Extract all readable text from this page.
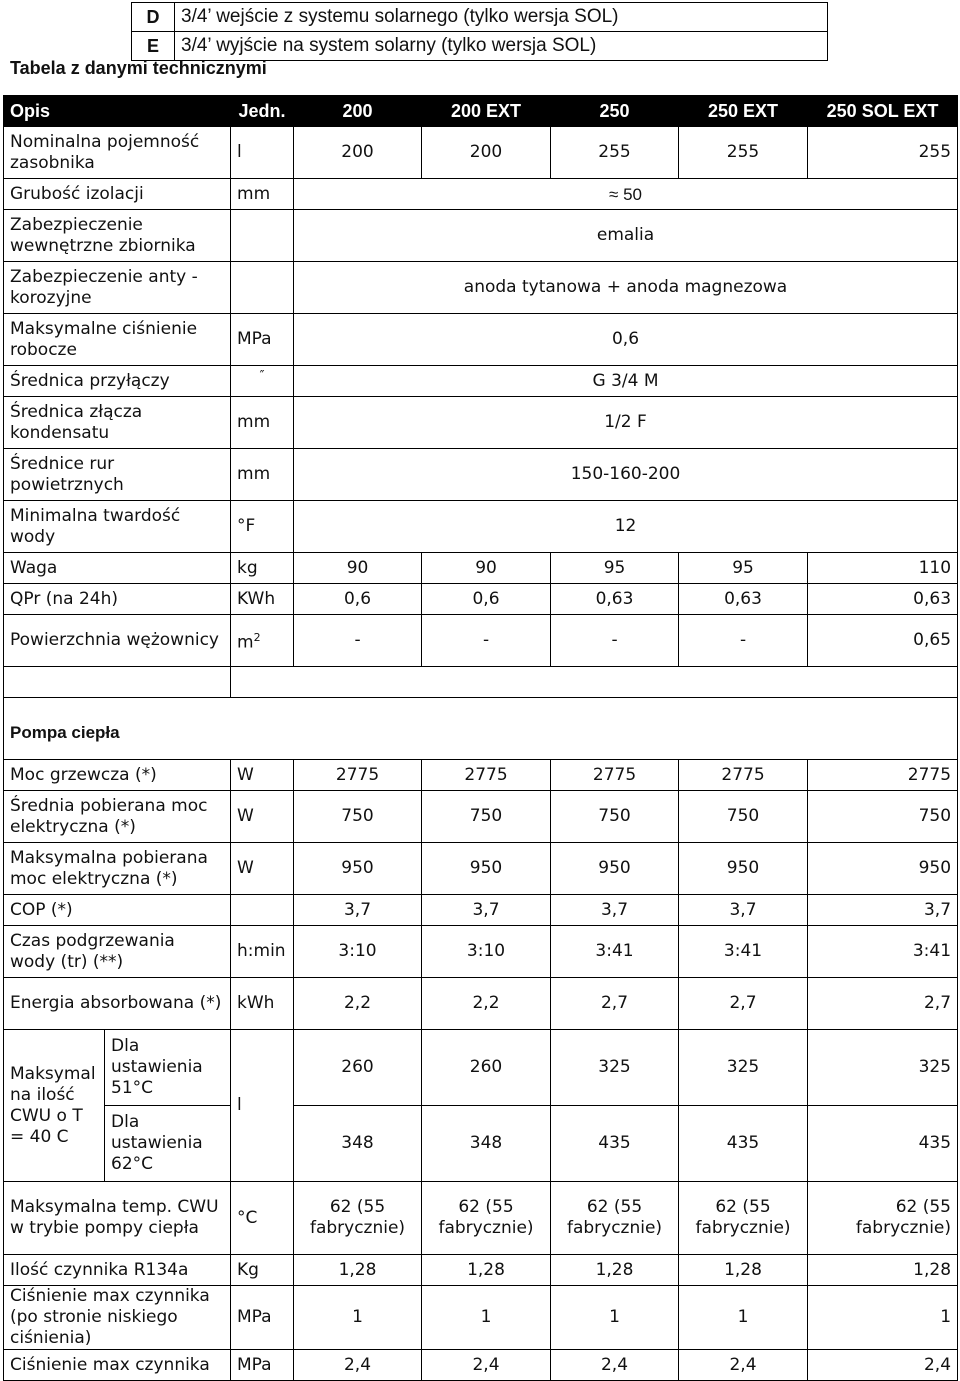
D	3/4’ wejście z systemu solarnego (tylko wersja SOL)
E	3/4’ wyjście na system solarny (tylko wersja SOL)
Tabela z danymi technicznymi
Opis		Jedn.	200	200 EXT	250	250 EXT	250 SOL EXT
Nominalna pojemność zasobnika		l	200	200	255	255	255
Grubość izolacji		mm	≈ 50				
Zabezpieczenie wewnętrzne zbiornika			emalia				
Zabezpieczenie anty - korozyjne			anoda tytanowa + anoda magnezowa				
Maksymalne ciśnienie robocze		MPa	0,6				
Średnica przyłączy		″	G 3/4 M				
Średnica złącza kondensatu		mm	1/2 F				
Średnice rur powietrznych		mm	150-160-200				
Minimalna twardość wody		°F	12				
Waga		kg	90	90	95	95	110
QPr (na 24h)		KWh	0,6	0,6	0,63	0,63	0,63
Powierzchnia wężownicy		$m^2$	-	-	-	-	0,65

Pompa ciepła							
Moc grzewcza (*)		W	2775	2775	2775	2775	2775
Średnia pobierana moc elektryczna (*)		W	750	750	750	750	750
Maksymalna pobierana moc elektryczna (*)		W	950	950	950	950	950
COP (*)			3,7	3,7	3,7	3,7	3,7
Czas podgrzewania wody (tr) (**)		h:min	3:10	3:10	3:41	3:41	3:41
Energia absorbowana (*)		kWh	2,2	2,2	2,7	2,7	2,7
Maksymal na ilość CWU o T = 40 C	Dla ustawienia 51°C	l	260	260	325	325	325
	Dla ustawienia 62°C		348	348	435	435	435
Maksymalna temp. CWU w trybie pompy ciepła		°C	62 (55 fabrycznie)	62 (55 fabrycznie)	62 (55 fabrycznie)	62 (55 fabrycznie)	62 (55 fabrycznie)
Ilość czynnika R134a		Kg	1,28	1,28	1,28	1,28	1,28
Ciśnienie max czynnika (po stronie niskiego ciśnienia)		MPa	1	1	1	1	1
Ciśnienie max czynnika		MPa	2,4	2,4	2,4	2,4	2,4
